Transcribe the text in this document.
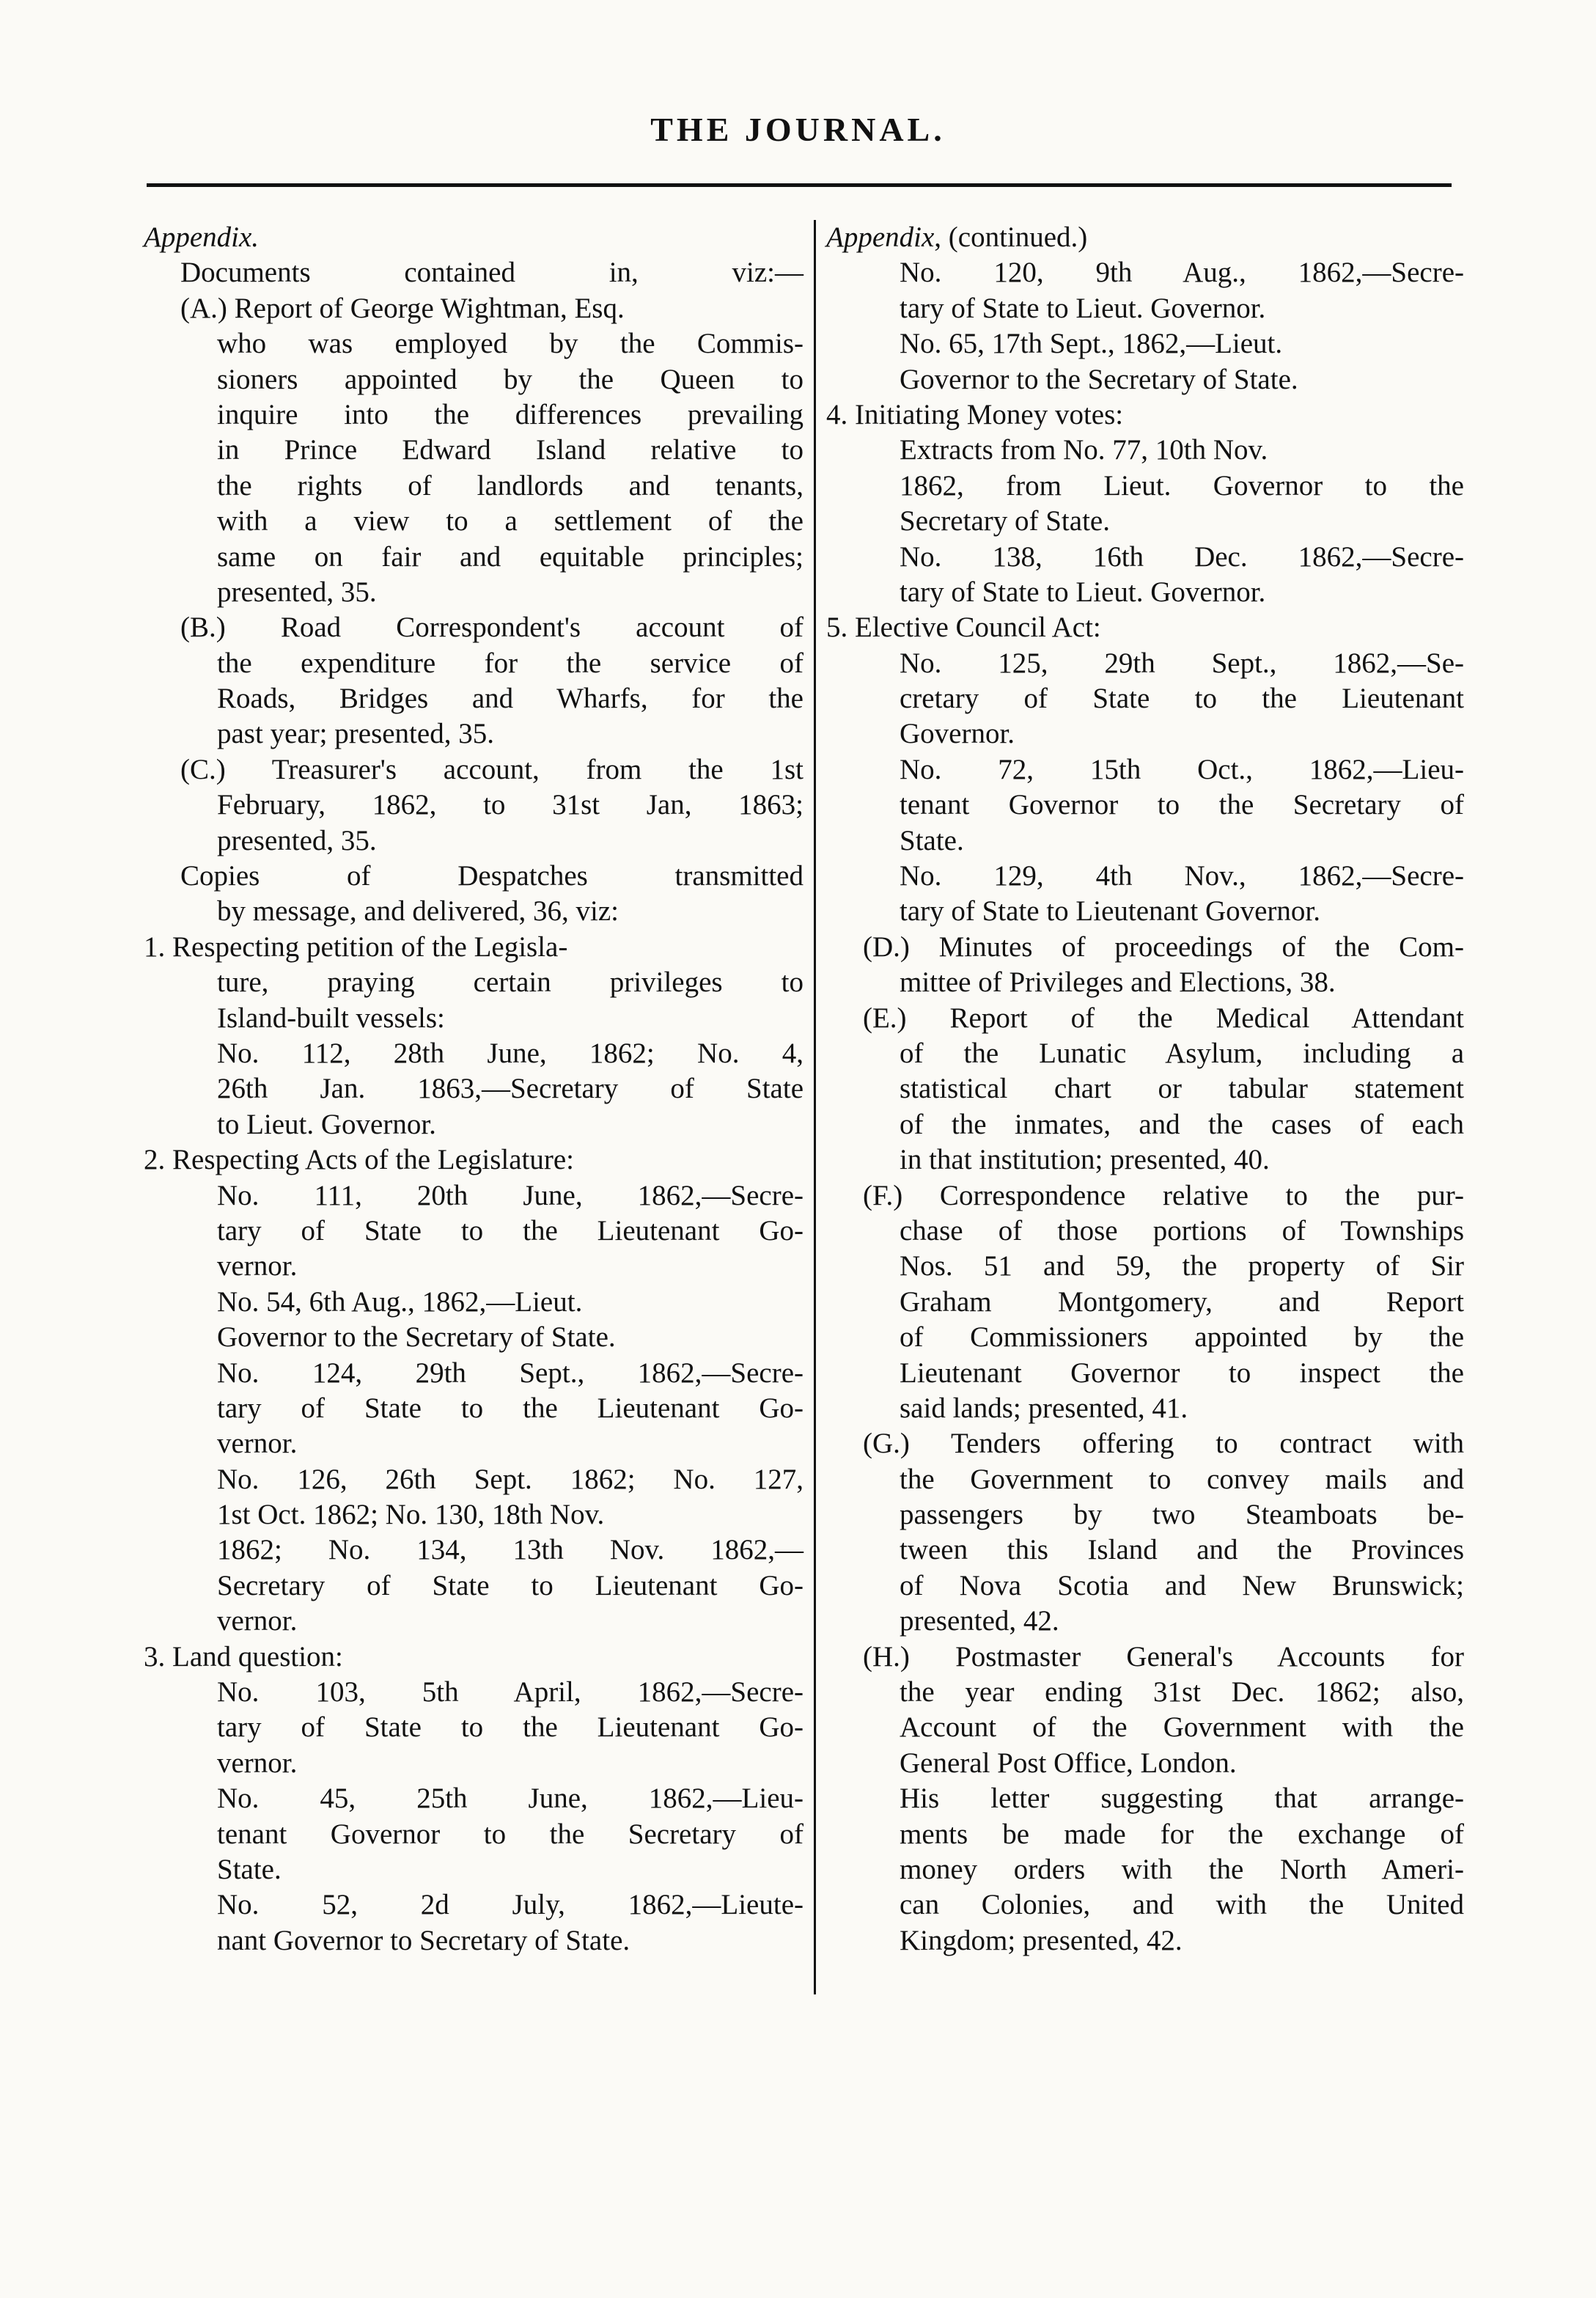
THE JOURNAL.
Appendix.
Documents contained in, viz:—
(A.) Report of George Wightman, Esq.
who was employed by the Commis-
sioners appointed by the Queen to
inquire into the differences prevailing
in Prince Edward Island relative to
the rights of landlords and tenants,
with a view to a settlement of the
same on fair and equitable principles;
presented, 35.
(B.) Road Correspondent's account of
the expenditure for the service of
Roads, Bridges and Wharfs, for the
past year; presented, 35.
(C.) Treasurer's account, from the 1st
February, 1862, to 31st Jan, 1863;
presented, 35.
Copies of Despatches transmitted
by message, and delivered, 36, viz:
1. Respecting petition of the Legisla-
ture, praying certain privileges to
Island-built vessels:
No. 112, 28th June, 1862; No. 4,
26th Jan. 1863,—Secretary of State
to Lieut. Governor.
2. Respecting Acts of the Legislature:
No. 111, 20th June, 1862,—Secre-
tary of State to the Lieutenant Go-
vernor.
No. 54, 6th Aug., 1862,—Lieut.
Governor to the Secretary of State.
No. 124, 29th Sept., 1862,—Secre-
tary of State to the Lieutenant Go-
vernor.
No. 126, 26th Sept. 1862; No. 127,
1st Oct. 1862; No. 130, 18th Nov.
1862; No. 134, 13th Nov. 1862,—
Secretary of State to Lieutenant Go-
vernor.
3. Land question:
No. 103, 5th April, 1862,—Secre-
tary of State to the Lieutenant Go-
vernor.
No. 45, 25th June, 1862,—Lieu-
tenant Governor to the Secretary of
State.
No. 52, 2d July, 1862,—Lieute-
nant Governor to Secretary of State.
Appendix, (continued.)
No. 120, 9th Aug., 1862,—Secre-
tary of State to Lieut. Governor.
No. 65, 17th Sept., 1862,—Lieut.
Governor to the Secretary of State.
4. Initiating Money votes:
Extracts from No. 77, 10th Nov.
1862, from Lieut. Governor to the
Secretary of State.
No. 138, 16th Dec. 1862,—Secre-
tary of State to Lieut. Governor.
5. Elective Council Act:
No. 125, 29th Sept., 1862,—Se-
cretary of State to the Lieutenant
Governor.
No. 72, 15th Oct., 1862,—Lieu-
tenant Governor to the Secretary of
State.
No. 129, 4th Nov., 1862,—Secre-
tary of State to Lieutenant Governor.
(D.) Minutes of proceedings of the Com-
mittee of Privileges and Elections, 38.
(E.) Report of the Medical Attendant
of the Lunatic Asylum, including a
statistical chart or tabular statement
of the inmates, and the cases of each
in that institution; presented, 40.
(F.) Correspondence relative to the pur-
chase of those portions of Townships
Nos. 51 and 59, the property of Sir
Graham Montgomery, and Report
of Commissioners appointed by the
Lieutenant Governor to inspect the
said lands; presented, 41.
(G.) Tenders offering to contract with
the Government to convey mails and
passengers by two Steamboats be-
tween this Island and the Provinces
of Nova Scotia and New Brunswick;
presented, 42.
(H.) Postmaster General's Accounts for
the year ending 31st Dec. 1862; also,
Account of the Government with the
General Post Office, London.
His letter suggesting that arrange-
ments be made for the exchange of
money orders with the North Ameri-
can Colonies, and with the United
Kingdom; presented, 42.
